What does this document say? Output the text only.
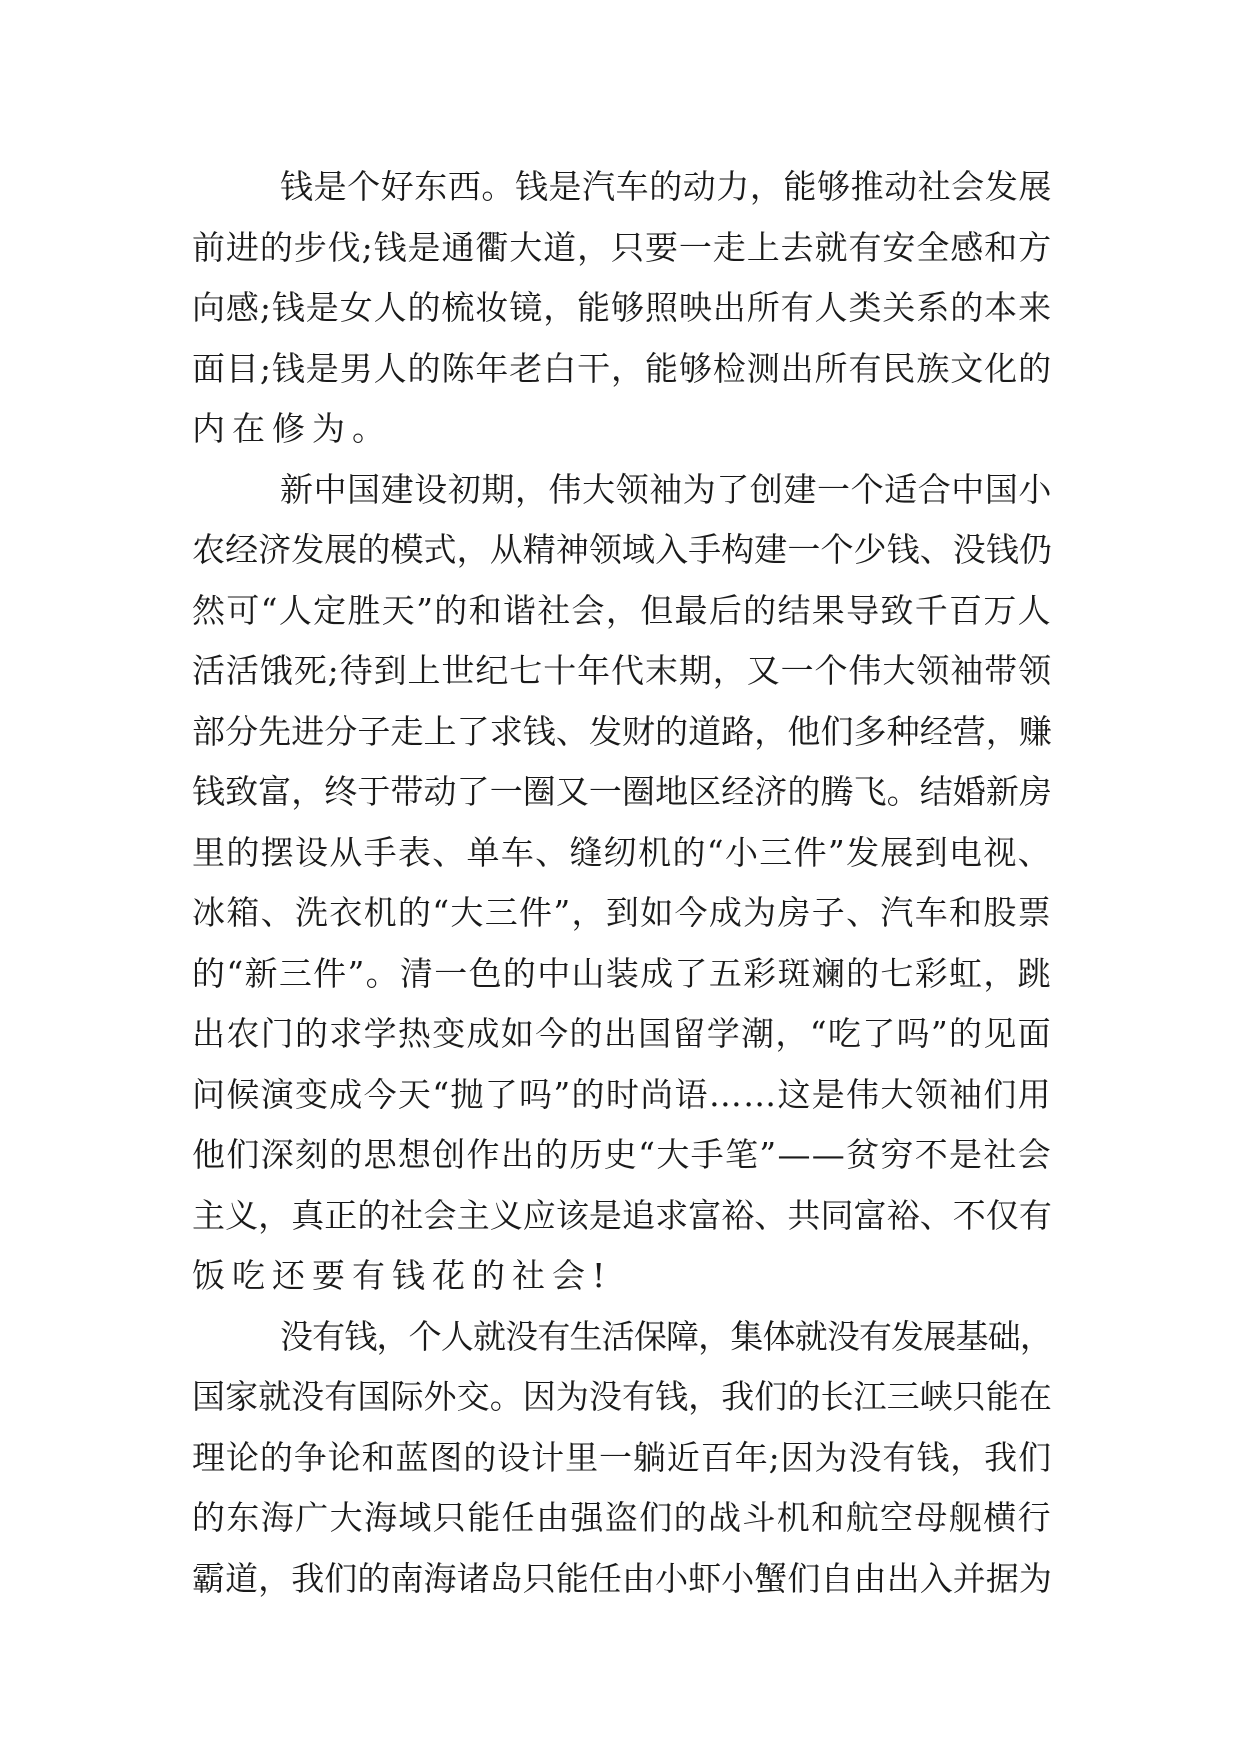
钱是个好东西。钱是汽车的动力，能够推动社会发展
前进的步伐;钱是通衢大道，只要一走上去就有安全感和方
向感;钱是女人的梳妆镜，能够照映出所有人类关系的本来
面目;钱是男人的陈年老白干，能够检测出所有民族文化的
内在修为。
新中国建设初期，伟大领袖为了创建一个适合中国小
农经济发展的模式，从精神领域入手构建一个少钱、没钱仍
然可“人定胜天”的和谐社会，但最后的结果导致千百万人
活活饿死;待到上世纪七十年代末期，又一个伟大领袖带领
部分先进分子走上了求钱、发财的道路，他们多种经营，赚
钱致富，终于带动了一圈又一圈地区经济的腾飞。结婚新房
里的摆设从手表、单车、缝纫机的“小三件”发展到电视、
冰箱、洗衣机的“大三件”，到如今成为房子、汽车和股票
的“新三件”。清一色的中山装成了五彩斑斓的七彩虹，跳
出农门的求学热变成如今的出国留学潮，“吃了吗”的见面
问候演变成今天“抛了吗”的时尚语……这是伟大领袖们用
他们深刻的思想创作出的历史“大手笔”——贫穷不是社会
主义，真正的社会主义应该是追求富裕、共同富裕、不仅有
饭吃还要有钱花的社会!
没有钱，个人就没有生活保障，集体就没有发展基础，
国家就没有国际外交。因为没有钱，我们的长江三峡只能在
理论的争论和蓝图的设计里一躺近百年;因为没有钱，我们
的东海广大海域只能任由强盗们的战斗机和航空母舰横行
霸道，我们的南海诸岛只能任由小虾小蟹们自由出入并据为
